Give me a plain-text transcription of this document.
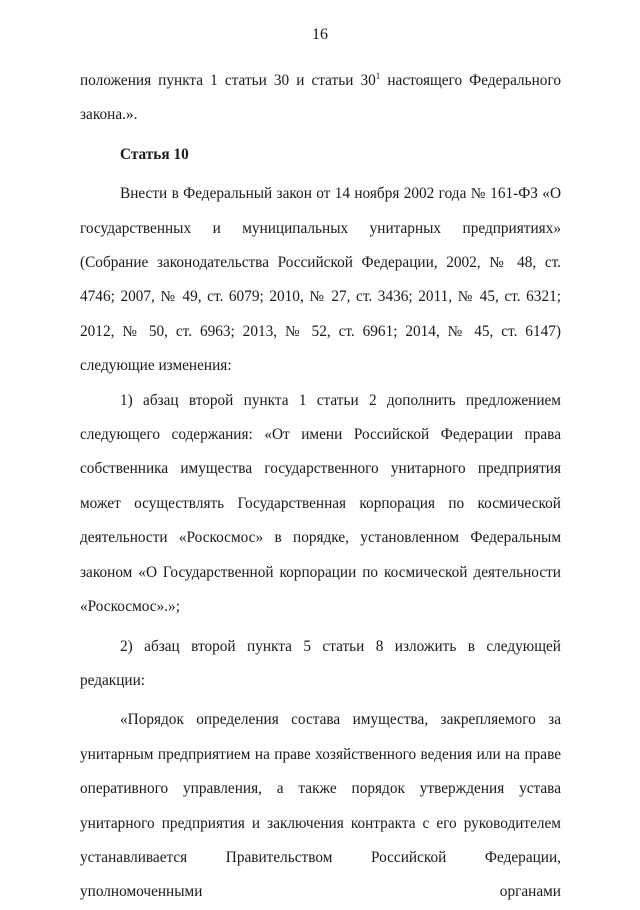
16

положения пункта 1 статьи 30 и статьи $30^1$ настоящего Федерального закона.».

Статья 10

Внести в Федеральный закон от 14 ноября 2002 года № 161-ФЗ «О государственных и муниципальных унитарных предприятиях» (Собрание законодательства Российской Федерации, 2002, № 48, ст. 4746; 2007, № 49, ст. 6079; 2010, № 27, ст. 3436; 2011, № 45, ст. 6321; 2012, № 50, ст. 6963; 2013, № 52, ст. 6961; 2014, № 45, ст. 6147) следующие изменения:

1) абзац второй пункта 1 статьи 2 дополнить предложением следующего содержания: «От имени Российской Федерации права собственника имущества государственного унитарного предприятия может осуществлять Государственная корпорация по космической деятельности «Роскосмос» в порядке, установленном Федеральным законом «О Государственной корпорации по космической деятельности «Роскосмос».»;

2) абзац второй пункта 5 статьи 8 изложить в следующей редакции:

«Порядок определения состава имущества, закрепляемого за унитарным предприятием на праве хозяйственного ведения или на праве оперативного управления, а также порядок утверждения устава унитарного предприятия и заключения контракта с его руководителем устанавливается Правительством Российской Федерации, уполномоченными органами
